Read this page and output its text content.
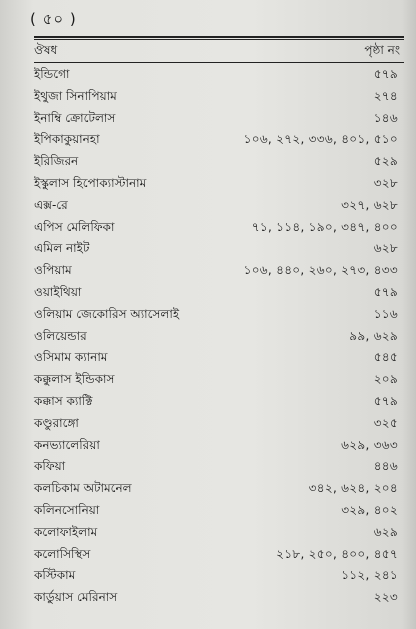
( ৫০ )
ঔষধ	পৃষ্ঠা নং
ইন্ডিগো	৫৭৯
ইথুজা সিনাপিয়াম	২৭৪
ইনাম্বি ক্রোটেলাস	১৪৬
ইপিকাকুয়ানহা	১০৬, ২৭২, ৩৩৬, ৪০১, ৫১০
ইরিজিরন	৫২৯
ইস্কুলাস হিপোক্যাস্টানাম	৩২৮
এক্স-রে	৩২৭, ৬২৮
এপিস মেলিফিকা	৭১, ১১৪, ১৯০, ৩৪৭, ৪০০
এমিল নাইট	৬২৮
ওপিয়াম	১০৬, ৪৪০, ২৬০, ২৭৩, ৪৩৩
ওয়াইথিয়া	৫৭৯
ওলিয়াম জেকোরিস অ্যাসেলাই	১১৬
ওলিয়েন্ডার	৯৯, ৬২৯
ওসিমাম ক্যানাম	৫৪৫
কক্কুলাস ইন্ডিকাস	২০৯
কক্কাস ক্যাক্টি	৫৭৯
কণ্ডুরাঙ্গো	৩২৫
কনভ্যালেরিয়া	৬২৯, ৩৬৩
কফিয়া	৪৪৬
কলচিকাম অটামনেল	৩৪২, ৬২৪, ২০৪
কলিনসোনিয়া	৩২৯, ৪০২
কলোফাইলাম	৬২৯
কলোসিস্থিস	২১৮, ২৫০, ৪০০, ৪৫৭
কস্টিকাম	১১২, ২৪১
কার্ডুয়াস মেরিনাস	২২৩
